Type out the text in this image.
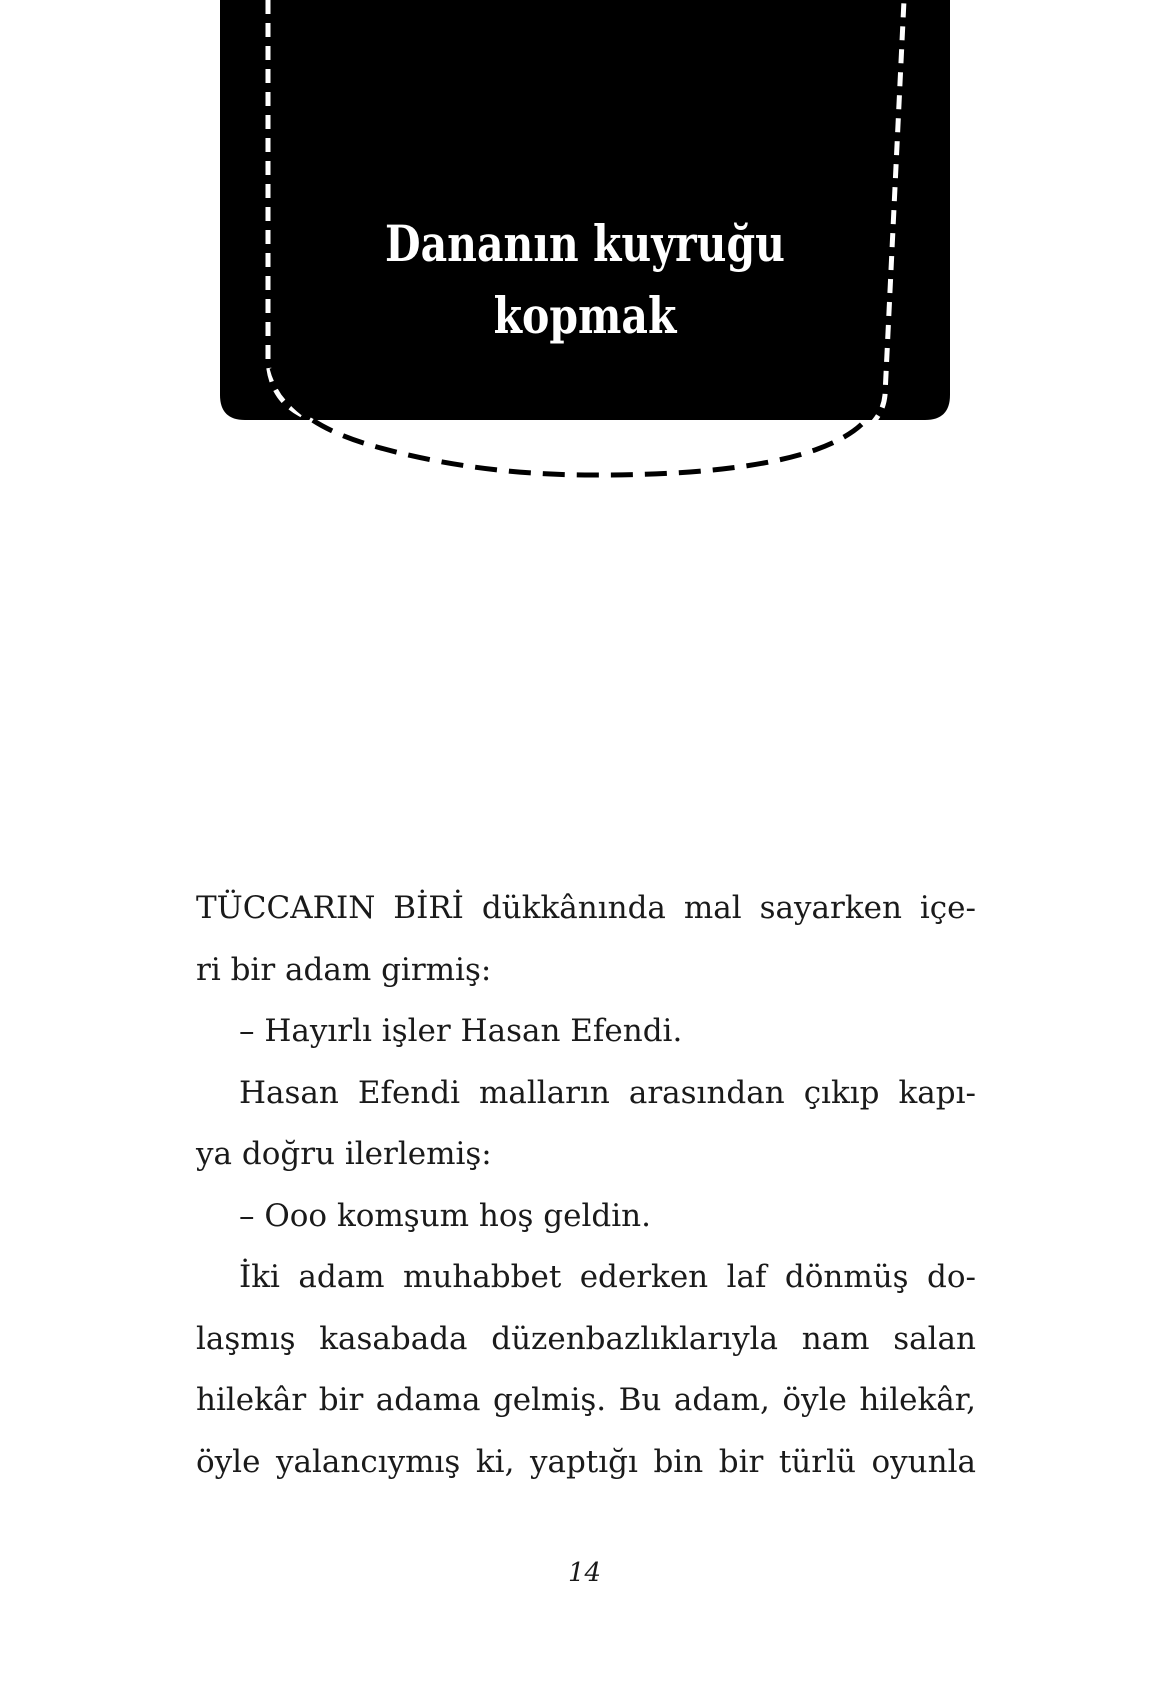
Dananın kuyruğu
kopmak
TÜCCARIN BİRİ dükkânında mal sayarken içe-
ri bir adam girmiş:
– Hayırlı işler Hasan Efendi.
Hasan Efendi malların arasından çıkıp kapı-
ya doğru ilerlemiş:
– Ooo komşum hoş geldin.
İki adam muhabbet ederken laf dönmüş do-
laşmış kasabada düzenbazlıklarıyla nam salan
hilekâr bir adama gelmiş. Bu adam, öyle hilekâr,
öyle yalancıymış ki, yaptığı bin bir türlü oyunla
14
